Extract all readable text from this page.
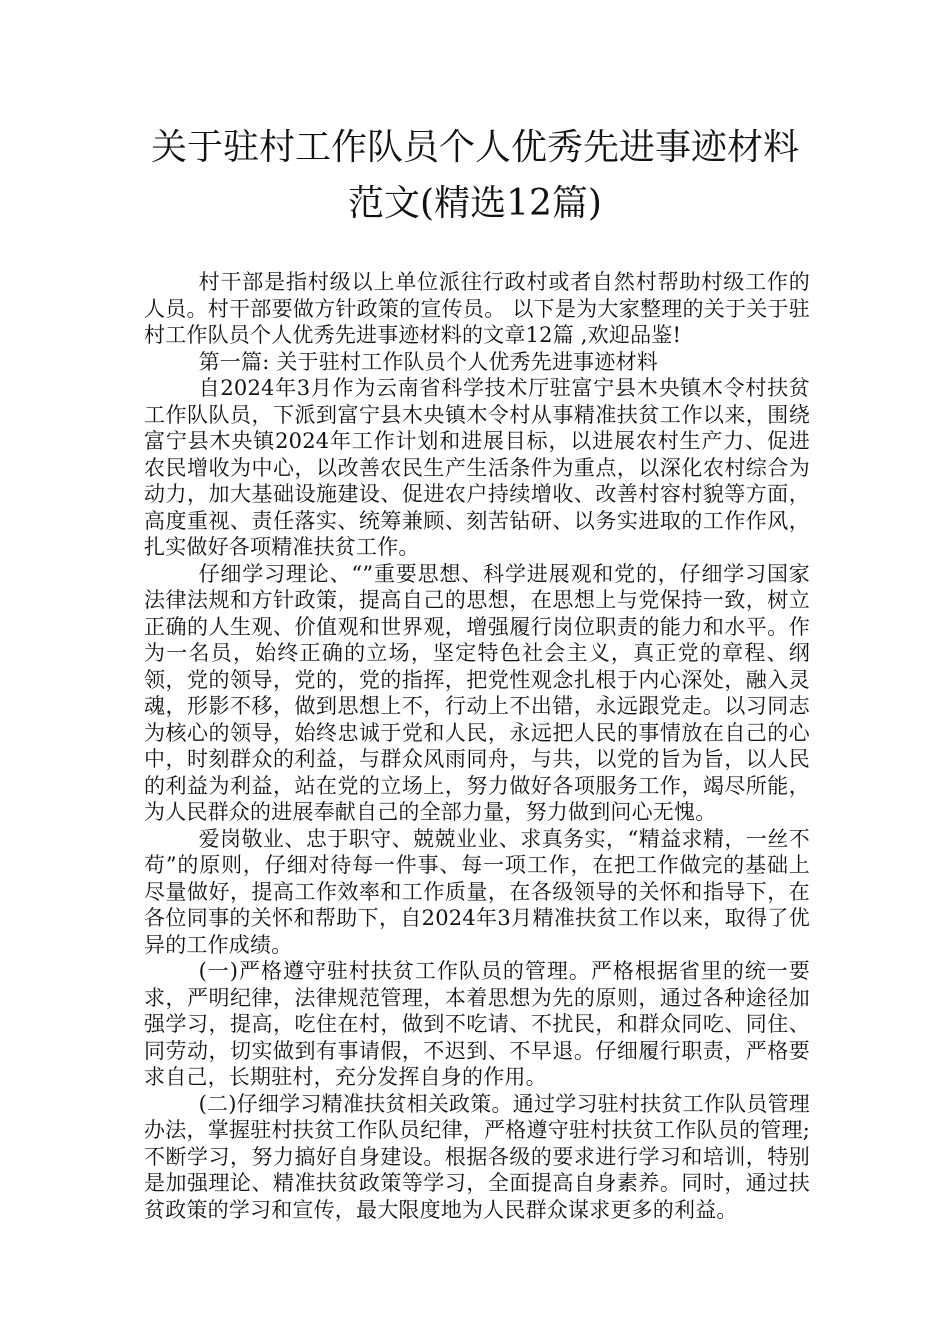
关于驻村工作队员个人优秀先进事迹材料
范文(精选12篇)

村干部是指村级以上单位派往行政村或者自然村帮助村级工作的人员。村干部要做方针政策的宣传员。 以下是为大家整理的关于关于驻村工作队员个人优秀先进事迹材料的文章12篇 ,欢迎品鉴!

第一篇: 关于驻村工作队员个人优秀先进事迹材料

自2024年3月作为云南省科学技术厅驻富宁县木央镇木令村扶贫工作队队员，下派到富宁县木央镇木令村从事精准扶贫工作以来，围绕富宁县木央镇2024年工作计划和进展目标，以进展农村生产力、促进农民增收为中心，以改善农民生产生活条件为重点，以深化农村综合为动力，加大基础设施建设、促进农户持续增收、改善村容村貌等方面，高度重视、责任落实、统筹兼顾、刻苦钻研、以务实进取的工作作风，扎实做好各项精准扶贫工作。

仔细学习理论、“”重要思想、科学进展观和党的，仔细学习国家法律法规和方针政策，提高自己的思想，在思想上与党保持一致，树立正确的人生观、价值观和世界观，增强履行岗位职责的能力和水平。作为一名员，始终正确的立场，坚定特色社会主义，真正党的章程、纲领，党的领导，党的，党的指挥，把党性观念扎根于内心深处，融入灵魂，形影不移，做到思想上不，行动上不出错，永远跟党走。以习同志为核心的领导，始终忠诚于党和人民，永远把人民的事情放在自己的心中，时刻群众的利益，与群众风雨同舟，与共，以党的旨为旨，以人民的利益为利益，站在党的立场上，努力做好各项服务工作，竭尽所能，为人民群众的进展奉献自己的全部力量，努力做到问心无愧。

爱岗敬业、忠于职守、兢兢业业、求真务实，“精益求精，一丝不苟”的原则，仔细对待每一件事、每一项工作，在把工作做完的基础上尽量做好，提高工作效率和工作质量，在各级领导的关怀和指导下，在各位同事的关怀和帮助下，自2024年3月精准扶贫工作以来，取得了优异的工作成绩。

(一)严格遵守驻村扶贫工作队员的管理。严格根据省里的统一要求，严明纪律，法律规范管理，本着思想为先的原则，通过各种途径加强学习，提高，吃住在村，做到不吃请、不扰民，和群众同吃、同住、同劳动，切实做到有事请假，不迟到、不早退。仔细履行职责，严格要求自己，长期驻村，充分发挥自身的作用。

(二)仔细学习精准扶贫相关政策。通过学习驻村扶贫工作队员管理办法，掌握驻村扶贫工作队员纪律，严格遵守驻村扶贫工作队员的管理;不断学习，努力搞好自身建设。根据各级的要求进行学习和培训，特别是加强理论、精准扶贫政策等学习，全面提高自身素养。同时，通过扶贫政策的学习和宣传，最大限度地为人民群众谋求更多的利益。
